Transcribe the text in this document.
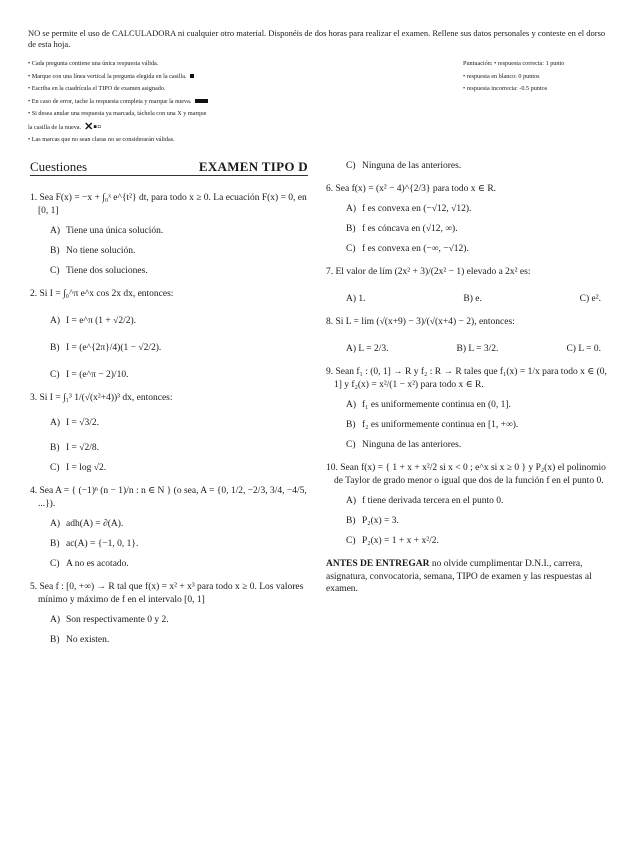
NO se permite el uso de CALCULADORA ni cualquier otro material. Disponéis de dos horas para realizar el examen. Rellene sus datos personales y conteste en el dorso de esta hoja.

• Cada pregunta contiene una única respuesta válida.	Puntuación: • respuesta correcta: 1 punto
• Marque con una línea vertical la pregunta elegida en la casilla.	• respuesta en blanco: 0 puntos
• Escriba en la cuadrícula el TIPO de examen asignado.	• respuesta incorrecta: -0.5 puntos
• En caso de error, tache la respuesta completa y marque la nueva.
• Si desea anular una respuesta ya marcada, táchela con una X y marque
la casilla de la nueva. ✕▪▫
• Las marcas que no sean claras no se considerarán válidas.
Cuestiones	EXAMEN TIPO D
1. Sea F(x) = −x + ∫₀ˣ e^{t²} dt, para todo x ≥ 0. La ecuación F(x) = 0, en [0, 1]
A) Tiene una única solución.
B) No tiene solución.
C) Tiene dos soluciones.
2. Si I = ∫₀^π e^x cos 2x dx, entonces:
A) I = e^π (1 + √2/2).
B) I = (e^{2π}/4)(1 − √2/2).
C) I = (e^π − 2)/10.
3. Si I = ∫₁³ 1/(√(x²+4))³ dx, entonces:
A) I = √3/2.
B) I = √2/8.
C) I = log √2.
4. Sea A = { (−1)ⁿ (n − 1)/n : n ∈ N } (o sea, A = {0, 1/2, −2/3, 3/4, −4/5, ...}).
A) adh(A) = ∂(A).
B) ac(A) = {−1, 0, 1}.
C) A no es acotado.
5. Sea f : [0, +∞) → R tal que f(x) = x² + x³ para todo x ≥ 0. Los valores mínimo y máximo de f en el intervalo [0, 1]
A) Son respectivamente 0 y 2.
B) No existen.
C) Ninguna de las anteriores.
6. Sea f(x) = (x² − 4)^{2/3} para todo x ∈ R.
A) f es convexa en (−√12, √12).
B) f es cóncava en (√12, ∞).
C) f es convexa en (−∞, −√12).
7. El valor de lím (2x² + 3)/(2x² − 1) elevado a 2x² es:
A) 1.	B) e.	C) e².
8. Si L = lím (√(x+9) − 3)/(√(x+4) − 2), entonces:
A) L = 2/3.	B) L = 3/2.	C) L = 0.
9. Sean f₁ : (0, 1] → R y f₂ : R → R tales que f₁(x) = 1/x para todo x ∈ (0, 1] y f₂(x) = x²/(1 − x²) para todo x ∈ R.
A) f₁ es uniformemente continua en (0, 1].
B) f₂ es uniformemente continua en [1, +∞).
C) Ninguna de las anteriores.
10. Sean f(x) = { 1 + x + x²/2 si x < 0 ; e^x si x ≥ 0 } y P₂(x) el polinomio de Taylor de grado menor o igual que dos de la función f en el punto 0.
A) f tiene derivada tercera en el punto 0.
B) P₂(x) = 3.
C) P₂(x) = 1 + x + x²/2.
ANTES DE ENTREGAR no olvide cumplimentar D.N.I., carrera, asignatura, convocatoria, semana, TIPO de examen y las respuestas al examen.
